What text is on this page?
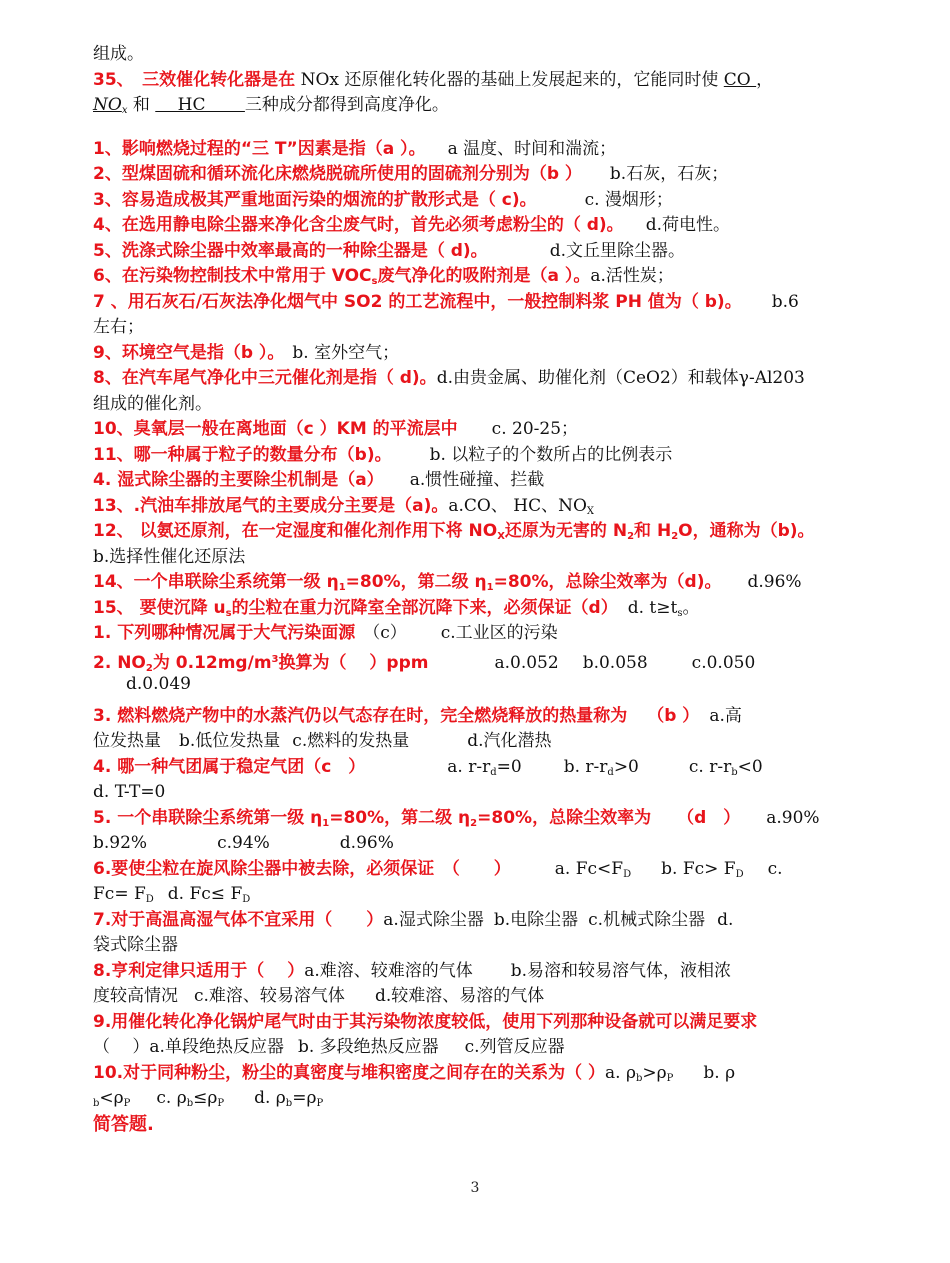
组成。
35、　三效催化转化器是在 NOx 还原催化转化器的基础上发展起来的，它能同时使 CO ，
$NO_x$ 和 　 HC　　 三种成分都得到高度净化。
1、影响燃烧过程的“三 T”因素是指（a ）。 a 温度、时间和湍流；
2、型煤固硫和循环流化床燃烧脱硫所使用的固硫剂分别为（b ） b.石灰，石灰；
3、容易造成极其严重地面污染的烟流的扩散形式是（ c)。	c. 漫烟形；
4、在选用静电除尘器来净化含尘废气时，首先必须考虑粉尘的（ d)。 d.荷电性。
5、洗涤式除尘器中效率最高的一种除尘器是（ d)。	d.文丘里除尘器。
6、在污染物控制技术中常用于 $VOC_s$废气净化的吸附剂是（a ）。a.活性炭；
7 、用石灰石/石灰法净化烟气中 SO2 的工艺流程中，一般控制料浆 PH 值为（ b)。 b.6
左右；
9、环境空气是指（b ）。 b. 室外空气；
8、在汽车尾气净化中三元催化剂是指（ d)。d.由贵金属、助催化剂（CeO2）和载体γ-Al203
组成的催化剂。
10、臭氧层一般在离地面（c ）KM 的平流层中 c. 20-25；
11、哪一种属于粒子的数量分布（b)。 b. 以粒子的个数所占的比例表示
4. 湿式除尘器的主要除尘机制是（a） a.惯性碰撞、拦截
13、.汽油车排放尾气的主要成分主要是（a)。a.CO、 HC、$NO_X$
12、 以氨还原剂，在一定湿度和催化剂作用下将 $NO_X$还原为无害的 $N_2$和 $H_2O$，通称为（b)。
b.选择性催化还原法
14、一个串联除尘系统第一级 $\eta_1=80\%$，第二级 $\eta_1=80\%$，总除尘效率为（d)。 d.96%
15、 要使沉降 $u_s$的尘粒在重力沉降室全部沉降下来，必须保证（d） d. $t\ge t_s$。
1. 下列哪种情况属于大气污染面源 （c） c.工业区的污染
2. $NO_2$为 $0.12mg/m^3$换算为（　 ）ppm	a.0.052 b.0.058	c.0.050
d.0.049
3. 燃料燃烧产物中的水蒸汽仍以气态存在时，完全燃烧释放的热量称为 （b ） a.高
位发热量 b.低位发热量 c.燃料的发热量	d.汽化潜热
4. 哪一种气团属于稳定气团（c　）	a. $r-r_d=0$ b. $r-r_d>0$	c. $r-r_b<0$
d. T-T=0
5. 一个串联除尘系统第一级 $\eta_1=80\%$，第二级 $\eta_2=80\%$，总除尘效率为 （d　） a.90%
b.92%	c.94%	d.96%
6.要使尘粒在旋风除尘器中被去除，必须保证　（　　）	a. $Fc<F_D$ b. $Fc> F_D$ c.
$Fc= F_D$ d. $Fc\le F_D$
7.对于高温高湿气体不宜采用（　　）a.湿式除尘器 b.电除尘器 c.机械式除尘器 d.
袋式除尘器
8.亨利定律只适用于（　 ）a.难溶、较难溶的气体 b.易溶和较易溶气体，液相浓
度较高情况 c.难溶、较易溶气体 d.较难溶、易溶的气体
9.用催化转化净化锅炉尾气时由于其污染物浓度较低，使用下列那种设备就可以满足要求
（　 ）a.单段绝热反应器 b. 多段绝热反应器 c.列管反应器
10.对于同种粉尘，粉尘的真密度与堆积密度之间存在的关系为（ ）a. $\rho_b>\rho_P$ b. ρ
$_b<\rho_P$ c. $\rho_b\le\rho_P$ d. $\rho_b=\rho_P$
简答题.
3
